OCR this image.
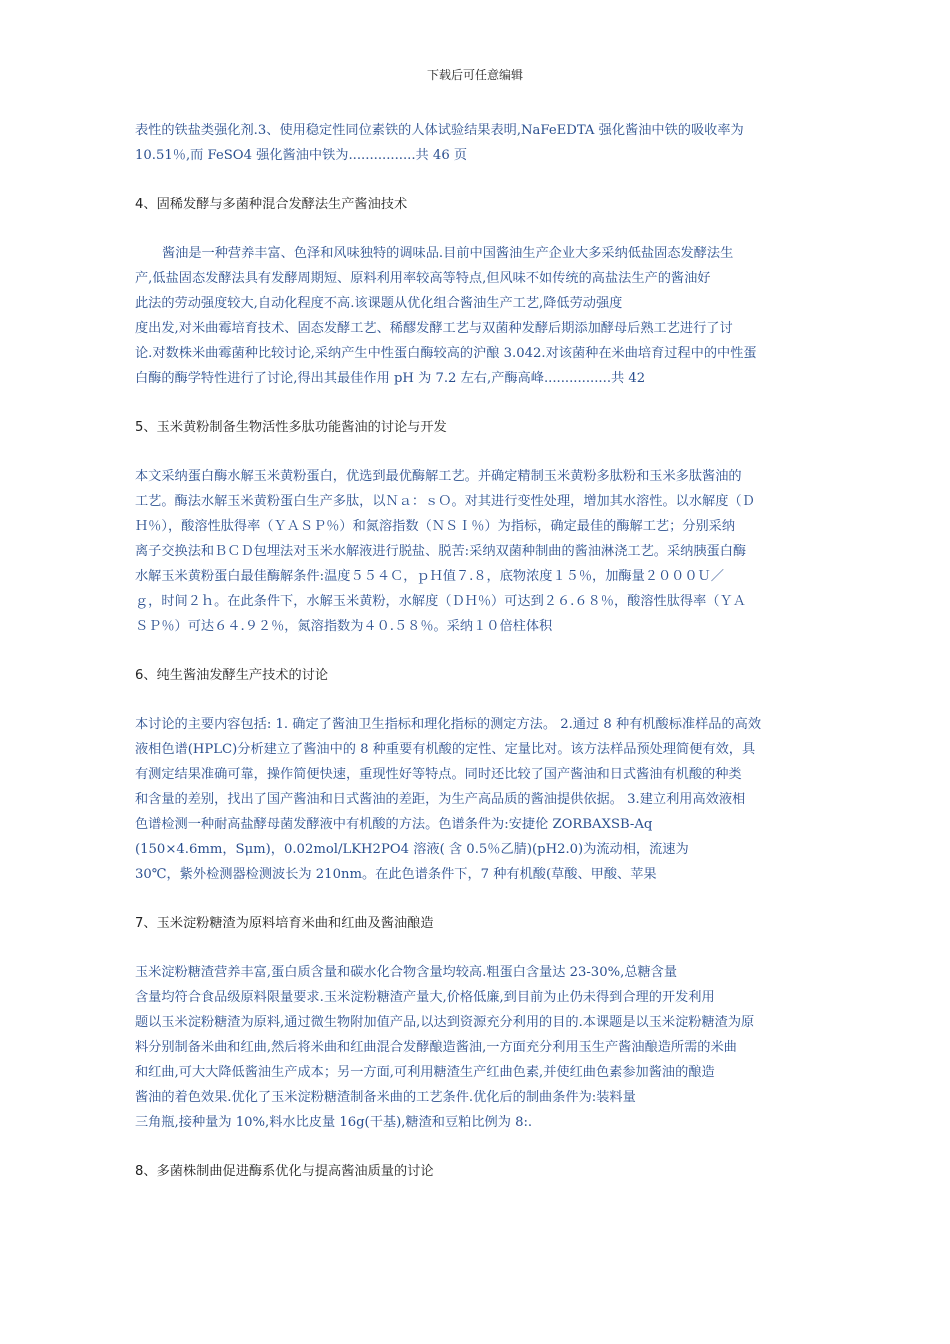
下载后可任意编辑
表性的铁盐类强化剂.3、使用稳定性同位素铁的人体试验结果表明,NaFeEDTA 强化酱油中铁的吸收率为
10.51％,而 FeSO4 强化酱油中铁为................共 46 页
4、固稀发酵与多菌种混合发酵法生产酱油技术
酱油是一种营养丰富、色泽和风味独特的调味品.目前中国酱油生产企业大多采纳低盐固态发酵法生
产,低盐固态发酵法具有发酵周期短、原料利用率较高等特点,但风味不如传统的高盐法生产的酱油好
此法的劳动强度较大,自动化程度不高.该课题从优化组合酱油生产工艺,降低劳动强度
度出发,对米曲霉培育技术、固态发酵工艺、稀醪发酵工艺与双菌种发酵后期添加酵母后熟工艺进行了讨
论.对数株米曲霉菌种比较讨论,采纳产生中性蛋白酶较高的沪酿 3.042.对该菌种在米曲培育过程中的中性蛋
白酶的酶学特性进行了讨论,得出其最佳作用 pH 为 7.2 左右,产酶高峰................共 42
5、玉米黄粉制备生物活性多肽功能酱油的讨论与开发
本文采纳蛋白酶水解玉米黄粉蛋白，优选到最优酶解工艺。并确定精制玉米黄粉多肽粉和玉米多肽酱油的
工艺。酶法水解玉米黄粉蛋白生产多肽，以Ｎａ：ｓＯ。对其进行变性处理，增加其水溶性。以水解度（Ｄ
Ｈ％），酸溶性肽得率（ＹＡＳＰ％）和氮溶指数（ＮＳＩ％）为指标，确定最佳的酶解工艺；分别采纳
离子交换法和ＢＣＤ包埋法对玉米水解液进行脱盐、脱苦:采纳双菌种制曲的酱油淋浇工艺。采纳胰蛋白酶
水解玉米黄粉蛋白最佳酶解条件:温度５５４Ｃ，ｐＨ值７.８，底物浓度１５％，加酶量２０００Ｕ／
ｇ，时间２ｈ。在此条件下，水解玉米黄粉，水解度（ＤＨ％）可达到２６.６８％，酸溶性肽得率（ＹＡ
ＳＰ％）可达６４.９２％，氮溶指数为４０.５８％。采纳１０倍柱体积
6、纯生酱油发酵生产技术的讨论
本讨论的主要内容包括: 1. 确定了酱油卫生指标和理化指标的测定方法。 2.通过 8 种有机酸标准样品的高效
液相色谱(HPLC)分析建立了酱油中的 8 种重要有机酸的定性、定量比对。该方法样品预处理简便有效，具
有测定结果准确可靠，操作简便快速，重现性好等特点。同时还比较了国产酱油和日式酱油有机酸的种类
和含量的差别，找出了国产酱油和日式酱油的差距，为生产高品质的酱油提供依据。 3.建立利用高效液相
色谱检测一种耐高盐酵母菌发酵液中有机酸的方法。色谱条件为:安捷伦 ZORBAXSB-Aq
(150×4.6mm，Sμm)，0.02mol/LKH2PO4 溶液( 含 0.5％乙腈)(pH2.0)为流动相，流速为
30℃，紫外检测器检测波长为 210nm。在此色谱条件下，7 种有机酸(草酸、甲酸、苹果
7、玉米淀粉糖渣为原料培育米曲和红曲及酱油酿造
玉米淀粉糖渣营养丰富,蛋白质含量和碳水化合物含量均较高.粗蛋白含量达 23-30%,总糖含量
含量均符合食品级原料限量要求.玉米淀粉糖渣产量大,价格低廉,到目前为止仍未得到合理的开发利用
题以玉米淀粉糖渣为原料,通过微生物附加值产品,以达到资源充分利用的目的.本课题是以玉米淀粉糖渣为原
料分别制备米曲和红曲,然后将米曲和红曲混合发酵酿造酱油,一方面充分利用玉生产酱油酿造所需的米曲
和红曲,可大大降低酱油生产成本；另一方面,可利用糖渣生产红曲色素,并使红曲色素参加酱油的酿造
酱油的着色效果.优化了玉米淀粉糖渣制备米曲的工艺条件.优化后的制曲条件为:装料量
三角瓶,接种量为 10%,料水比皮量 16g(干基),糖渣和豆粕比例为 8:.
8、多菌株制曲促进酶系优化与提高酱油质量的讨论
